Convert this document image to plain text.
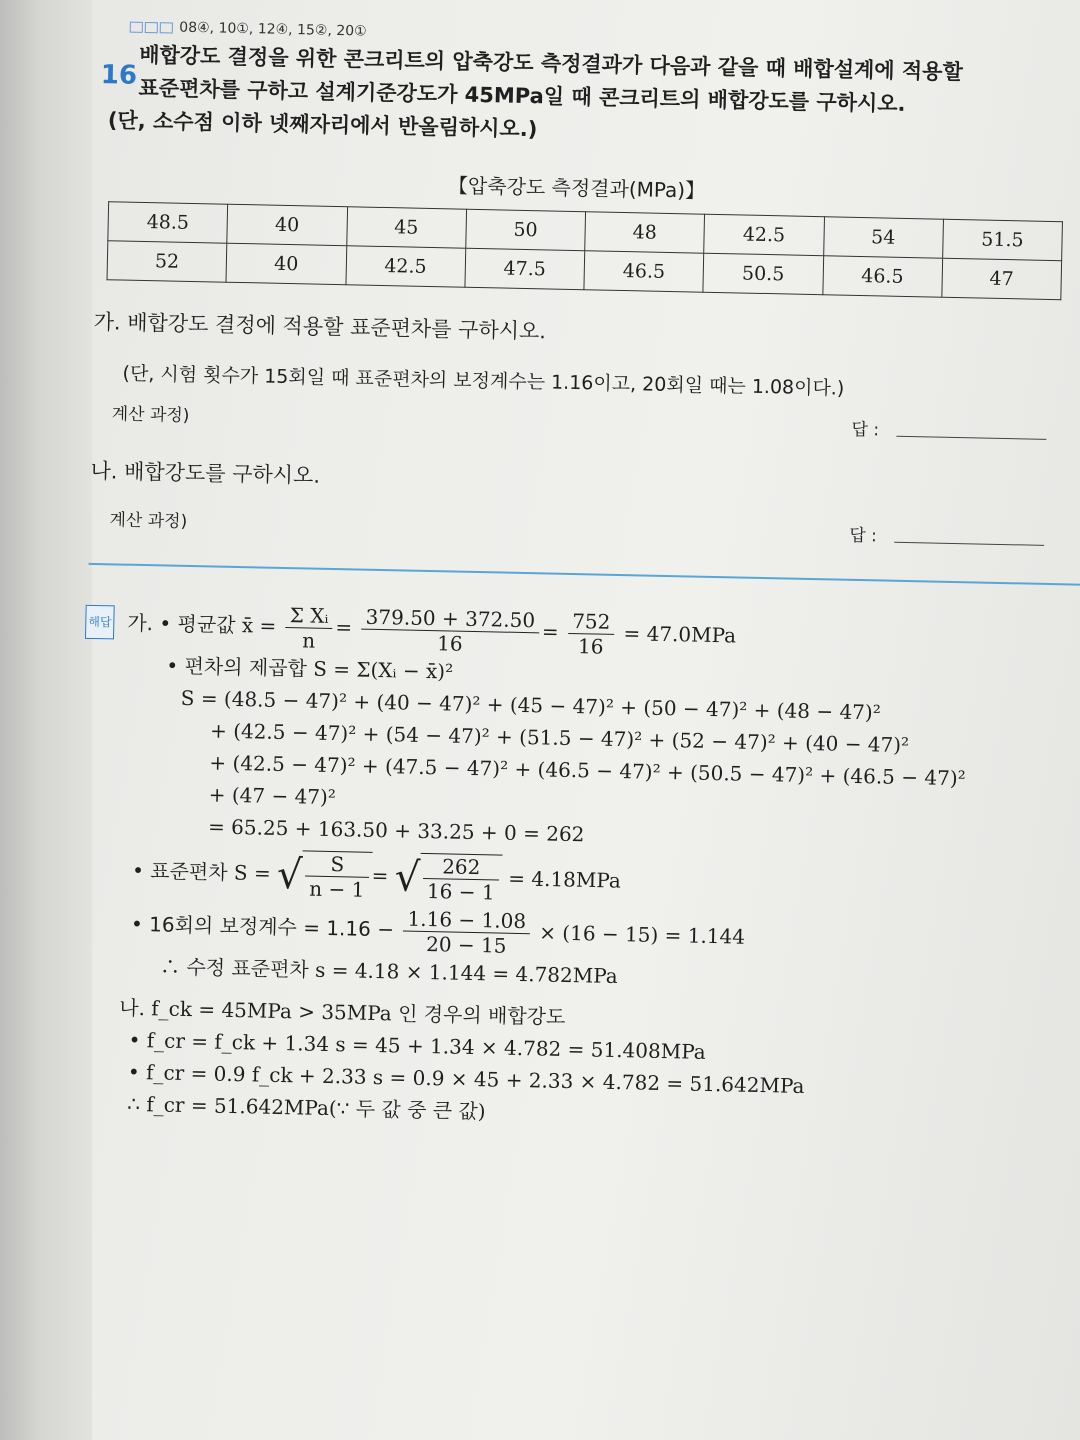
08④, 10①, 12④, 15②, 20①
16 배합강도 결정을 위한 콘크리트의 압축강도 측정결과가 다음과 같을 때 배합설계에 적용할
표준편차를 구하고 설계기준강도가 45MPa일 때 콘크리트의 배합강도를 구하시오.
(단, 소수점 이하 넷째자리에서 반올림하시오.)
【압축강도 측정결과(MPa)】
48.5	40	45	50	48	42.5	54	51.5
52	40	42.5	47.5	46.5	50.5	46.5	47
가. 배합강도 결정에 적용할 표준편차를 구하시오.
(단, 시험 횟수가 15회일 때 표준편차의 보정계수는 1.16이고, 20회일 때는 1.08이다.)
계산 과정)
답 :
나. 배합강도를 구하시오.
계산 과정)
답 :
해답 가. • 평균값 x̄ = $\frac{\text{Σ Xᵢ}}{n} = \frac{379.50 + 372.50}{16} = \frac{752}{16} = 47.0MPa$
• 편차의 제곱합 S = Σ(Xᵢ − x̄)²
S = (48.5 − 47)² + (40 − 47)² + (45 − 47)² + (50 − 47)² + (48 − 47)²
+ (42.5 − 47)² + (54 − 47)² + (51.5 − 47)² + (52 − 47)² + (40 − 47)²
+ (42.5 − 47)² + (47.5 − 47)² + (46.5 − 47)² + (50.5 − 47)² + (46.5 − 47)²
+ (47 − 47)²
= 65.25 + 163.50 + 33.25 + 0 = 262
• 표준편차 S = √ $\frac{S}{n - 1}$ = √ $\frac{262}{16 - 1} = 4.18MPa$
• 16회의 보정계수 = $1.16 - \frac{1.16 - 1.08}{20 - 15} \times (16 - 15) = 1.144$
∴ 수정 표준편차 s = 4.18 × 1.144 = 4.782MPa
나. f_ck = 45MPa > 35MPa 인 경우의 배합강도
• f_cr = f_ck + 1.34 s = 45 + 1.34 × 4.782 = 51.408MPa
• f_cr = 0.9 f_ck + 2.33 s = 0.9 × 45 + 2.33 × 4.782 = 51.642MPa
∴ f_cr = 51.642MPa(∵ 두 값 중 큰 값)
